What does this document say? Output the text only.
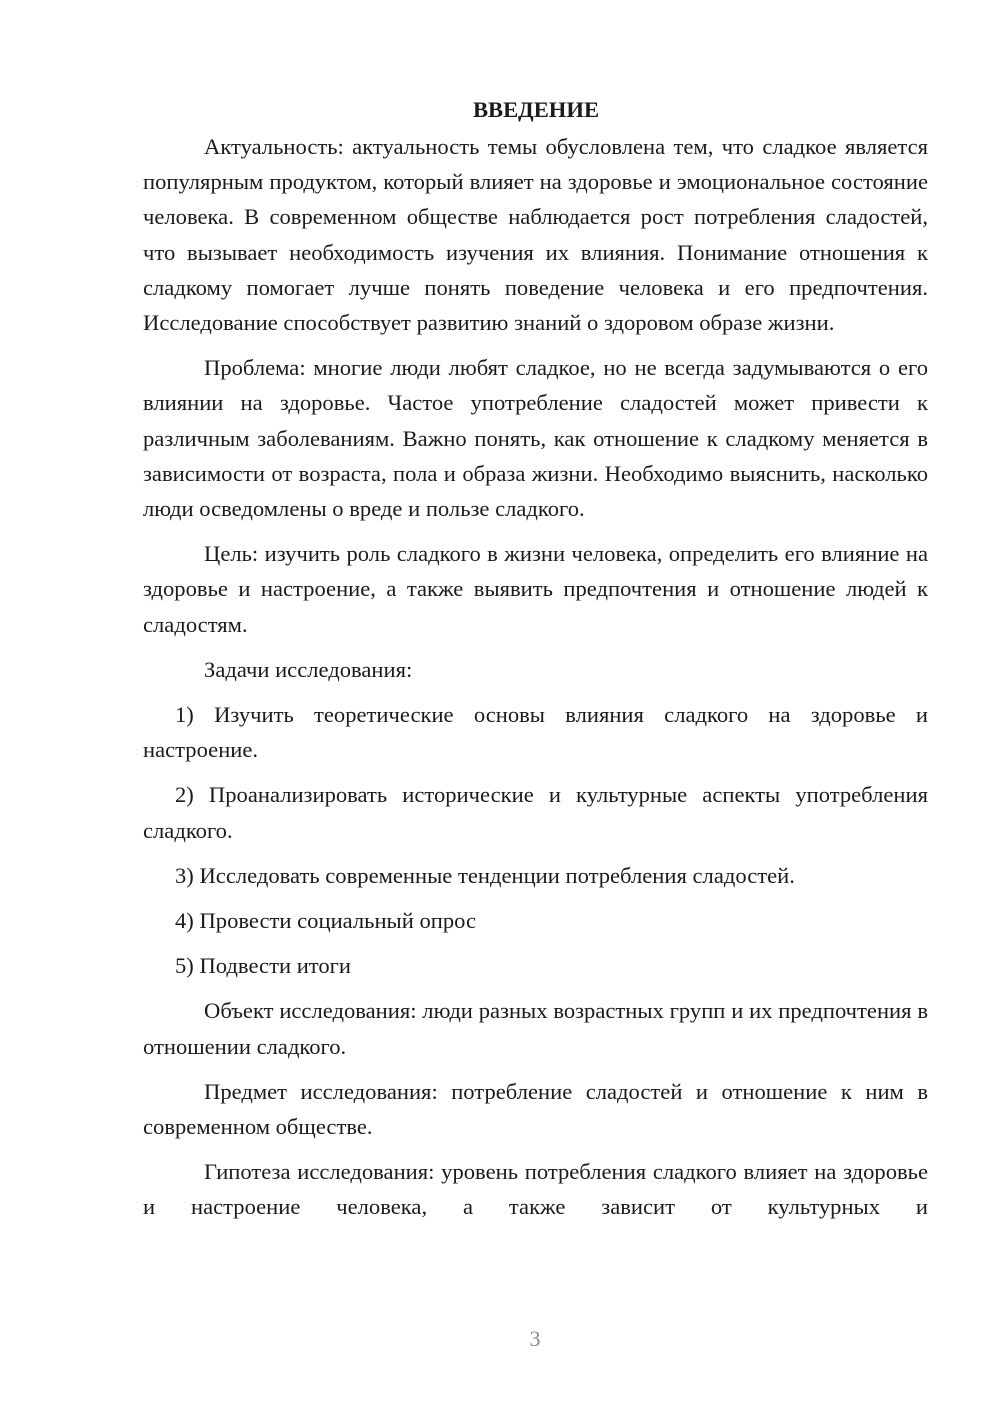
ВВЕДЕНИЕ

Актуальность: актуальность темы обусловлена тем, что сладкое является популярным продуктом, который влияет на здоровье и эмоциональное состояние человека. В современном обществе наблюдается рост потребления сладостей, что вызывает необходимость изучения их влияния. Понимание отношения к сладкому помогает лучше понять поведение человека и его предпочтения. Исследование способствует развитию знаний о здоровом образе жизни.

Проблема: многие люди любят сладкое, но не всегда задумываются о его влиянии на здоровье. Частое употребление сладостей может привести к различным заболеваниям. Важно понять, как отношение к сладкому меняется в зависимости от возраста, пола и образа жизни. Необходимо выяснить, насколько люди осведомлены о вреде и пользе сладкого.

Цель: изучить роль сладкого в жизни человека, определить его влияние на здоровье и настроение, а также выявить предпочтения и отношение людей к сладостям.

Задачи исследования:

1) Изучить теоретические основы влияния сладкого на здоровье и настроение.

2) Проанализировать исторические и культурные аспекты употребления сладкого.

3) Исследовать современные тенденции потребления сладостей.

4) Провести социальный опрос

5) Подвести итоги

Объект исследования: люди разных возрастных групп и их предпочтения в отношении сладкого.

Предмет исследования: потребление сладостей и отношение к ним в современном обществе.

Гипотеза исследования: уровень потребления сладкого влияет на здоровье и настроение человека, а также зависит от культурных и

3
